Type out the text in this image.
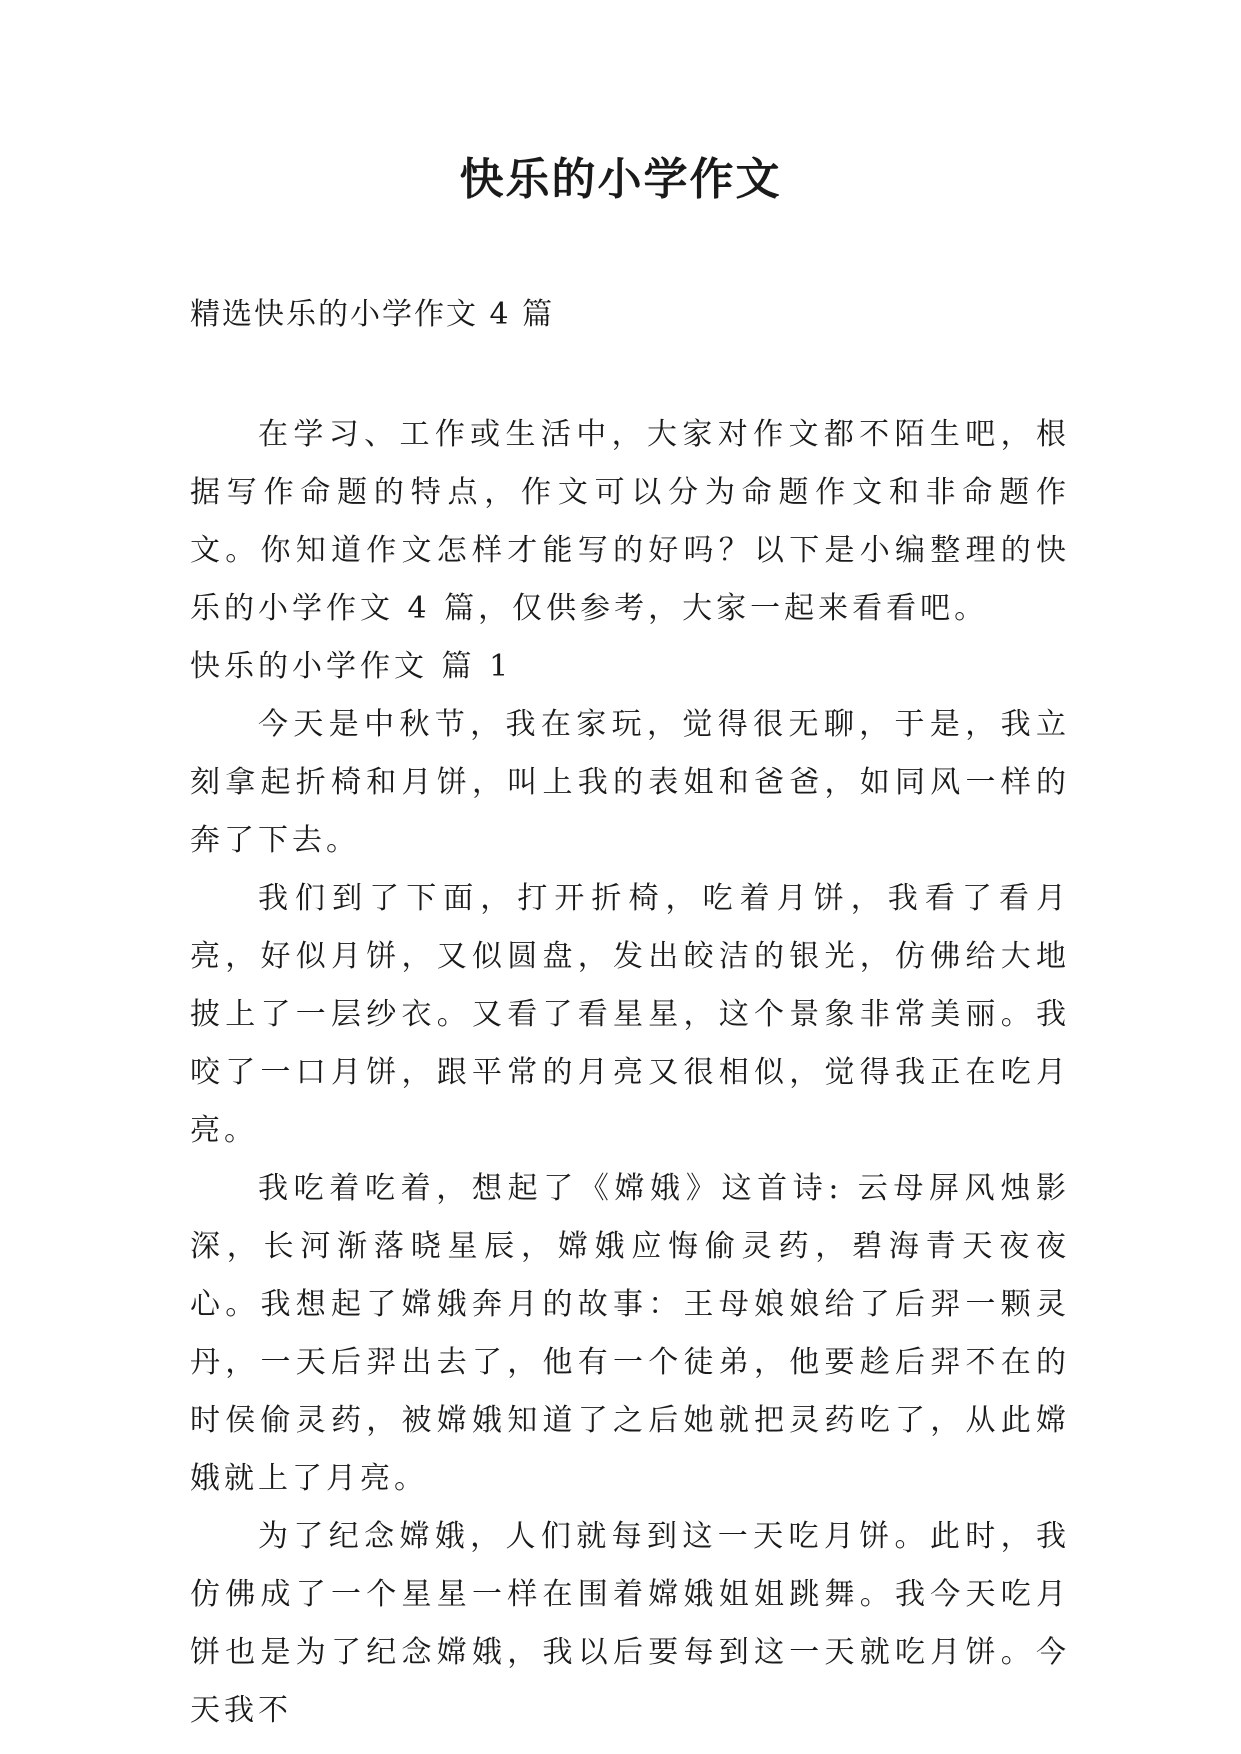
快乐的小学作文
精选快乐的小学作文 4 篇

在学习、工作或生活中，大家对作文都不陌生吧，根据写作命题的特点，作文可以分为命题作文和非命题作文。你知道作文怎样才能写的好吗？以下是小编整理的快乐的小学作文 4 篇，仅供参考，大家一起来看看吧。

快乐的小学作文 篇 1

今天是中秋节，我在家玩，觉得很无聊，于是，我立刻拿起折椅和月饼，叫上我的表姐和爸爸，如同风一样的奔了下去。

我们到了下面，打开折椅，吃着月饼，我看了看月亮，好似月饼，又似圆盘，发出皎洁的银光，仿佛给大地披上了一层纱衣。又看了看星星，这个景象非常美丽。我咬了一口月饼，跟平常的月亮又很相似，觉得我正在吃月亮。

我吃着吃着，想起了《嫦娥》这首诗: 云母屏风烛影深，长河渐落晓星辰，嫦娥应悔偷灵药，碧海青天夜夜心。我想起了嫦娥奔月的故事：王母娘娘给了后羿一颗灵丹，一天后羿出去了，他有一个徒弟，他要趁后羿不在的时侯偷灵药，被嫦娥知道了之后她就把灵药吃了，从此嫦娥就上了月亮。

为了纪念嫦娥，人们就每到这一天吃月饼。此时，我仿佛成了一个星星一样在围着嫦娥姐姐跳舞。我今天吃月饼也是为了纪念嫦娥，我以后要每到这一天就吃月饼。今天我不
